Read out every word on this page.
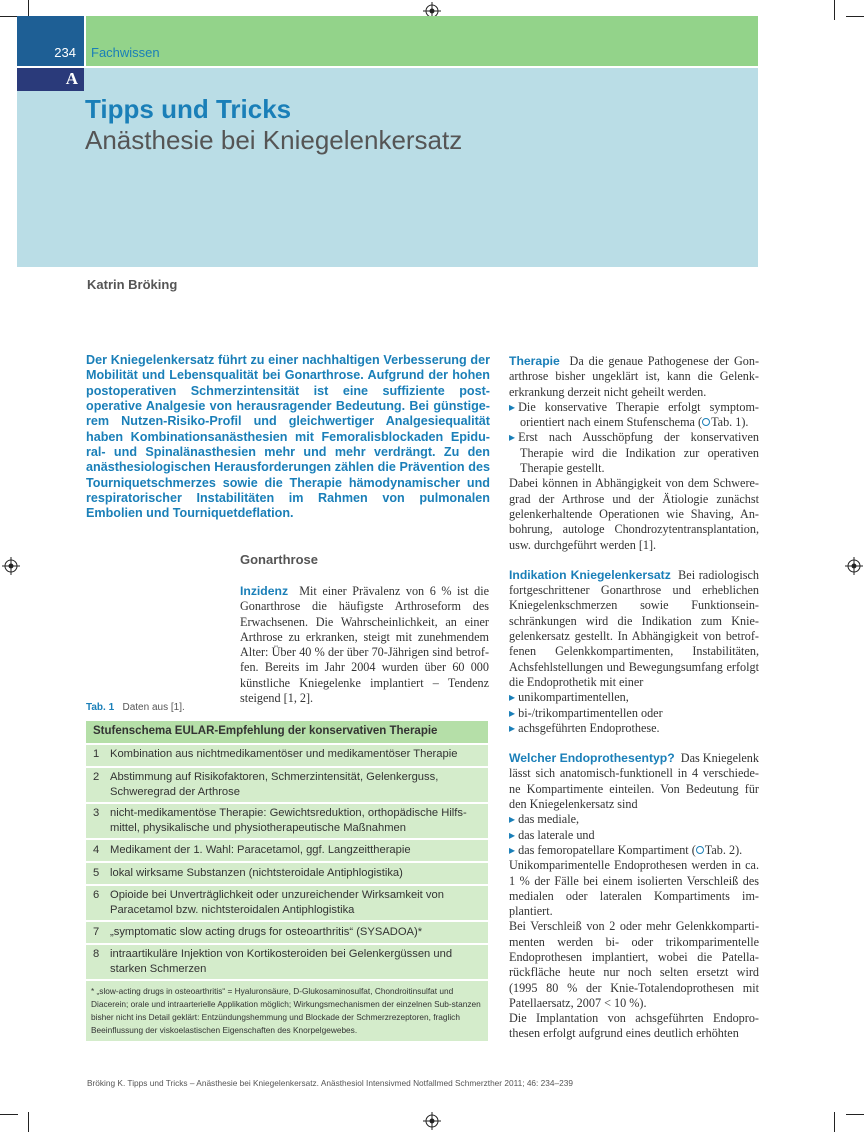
234 Fachwissen
A
Tipps und Tricks
Anästhesie bei Kniegelenkersatz
Katrin Bröking
Der Kniegelenkersatz führt zu einer nachhaltigen Verbesserung der Mobilität und Lebensqualität bei Gonarthrose. Aufgrund der hohen postoperativen Schmerzintensität ist eine suffiziente post-operative Analgesie von herausragender Bedeutung. Bei günstige-rem Nutzen-Risiko-Profil und gleichwertiger Analgesiequalität haben Kombinationsanästhesien mit Femoralisblockaden Epidu-ral- und Spinalänasthesien mehr und mehr verdrängt. Zu den anästhesiologischen Herausforderungen zählen die Prävention des Tourniquetschmerzes sowie die Therapie hämodynamischer und respiratorischer Instabilitäten im Rahmen von pulmonalen Embolien und Tourniquetdeflation.
Gonarthrose

Inzidenz Mit einer Prävalenz von 6 % ist die Gonarthrose die häufigste Arthroseform des Erwachsenen. Die Wahrscheinlichkeit, an einer Arthrose zu erkranken, steigt mit zunehmendem Alter: Über 40 % der über 70-Jährigen sind betrof-fen. Bereits im Jahr 2004 wurden über 60 000 künstliche Kniegelenke implantiert – Tendenz steigend [1, 2].

Tab. 1 Daten aus [1].
Stufenschema EULAR-Empfehlung der konservativen Therapie
1 Kombination aus nichtmedikamentöser und medikamentöser Therapie
2 Abstimmung auf Risikofaktoren, Schmerzintensität, Gelenkerguss, Schweregrad der Arthrose
3 nicht-medikamentöse Therapie: Gewichtsreduktion, orthopädische Hilfs-mittel, physikalische und physiotherapeutische Maßnahmen
4 Medikament der 1. Wahl: Paracetamol, ggf. Langzeittherapie
5 lokal wirksame Substanzen (nichtsteroidale Antiphlogistika)
6 Opioide bei Unverträglichkeit oder unzureichender Wirksamkeit von Paracetamol bzw. nichtsteroidalen Antiphlogistika
7 „symptomatic slow acting drugs for osteoarthritis“ (SYSADOA)*
8 intraartikuläre Injektion von Kortikosteroiden bei Gelenkergüssen und starken Schmerzen
* „slow-acting drugs in osteoarthritis“ = Hyaluronsäure, D-Glukosaminosulfat, Chondroitinsulfat und Diacerein; orale und intraarterielle Applikation möglich; Wirkungsmechanismen der einzelnen Sub-stanzen bisher nicht ins Detail geklärt: Entzündungshemmung und Blockade der Schmerzrezeptoren, fraglich Beeinflussung der viskoelastischen Eigenschaften des Knorpelgewebes.

Therapie Da die genaue Pathogenese der Gon-arthrose bisher ungeklärt ist, kann die Gelenk-erkrankung derzeit nicht geheilt werden.

▸ Die konservative Therapie erfolgt symptom-orientiert nach einem Stufenschema ( Tab. 1).

▸ Erst nach Ausschöpfung der konservativen Therapie wird die Indikation zur operativen Therapie gestellt.

Dabei können in Abhängigkeit von dem Schwere-grad der Arthrose und der Ätiologie zunächst gelenkerhaltende Operationen wie Shaving, An-bohrung, autologe Chondrozytentransplantation, usw. durchgeführt werden [1].

Indikation Kniegelenkersatz Bei radiologisch fortgeschrittener Gonarthrose und erheblichen Kniegelenkschmerzen sowie Funktionsein-schränkungen wird die Indikation zum Knie-gelenkersatz gestellt. In Abhängigkeit von betrof-fenen Gelenkkompartimenten, Instabilitäten, Achsfehlstellungen und Bewegungsumfang erfolgt die Endoprothetik mit einer

▸ unikompartimentellen,

▸ bi-/trikompartimentellen oder

▸ achsgeführten Endoprothese.

Welcher Endoprothesentyp? Das Kniegelenk lässt sich anatomisch-funktionell in 4 verschiede-ne Kompartimente einteilen. Von Bedeutung für den Kniegelenkersatz sind

▸ das mediale,

▸ das laterale und

▸ das femoropatellare Kompartiment ( Tab. 2).

Unikomparimentelle Endoprothesen werden in ca. 1 % der Fälle bei einem isolierten Verschleiß des medialen oder lateralen Kompartiments im-plantiert.

Bei Verschleiß von 2 oder mehr Gelenkkomparti-menten werden bi- oder trikomparimentelle Endoprothesen implantiert, wobei die Patella-rückfläche heute nur noch selten ersetzt wird (1995 80 % der Knie-Totalendoprothesen mit Patellaersatz, 2007 < 10 %).

Die Implantation von achsgeführten Endopro-thesen erfolgt aufgrund eines deutlich erhöhten

Bröking K. Tipps und Tricks – Anästhesie bei Kniegelenkersatz. Anästhesiol Intensivmed Notfallmed Schmerzther 2011; 46: 234–239
